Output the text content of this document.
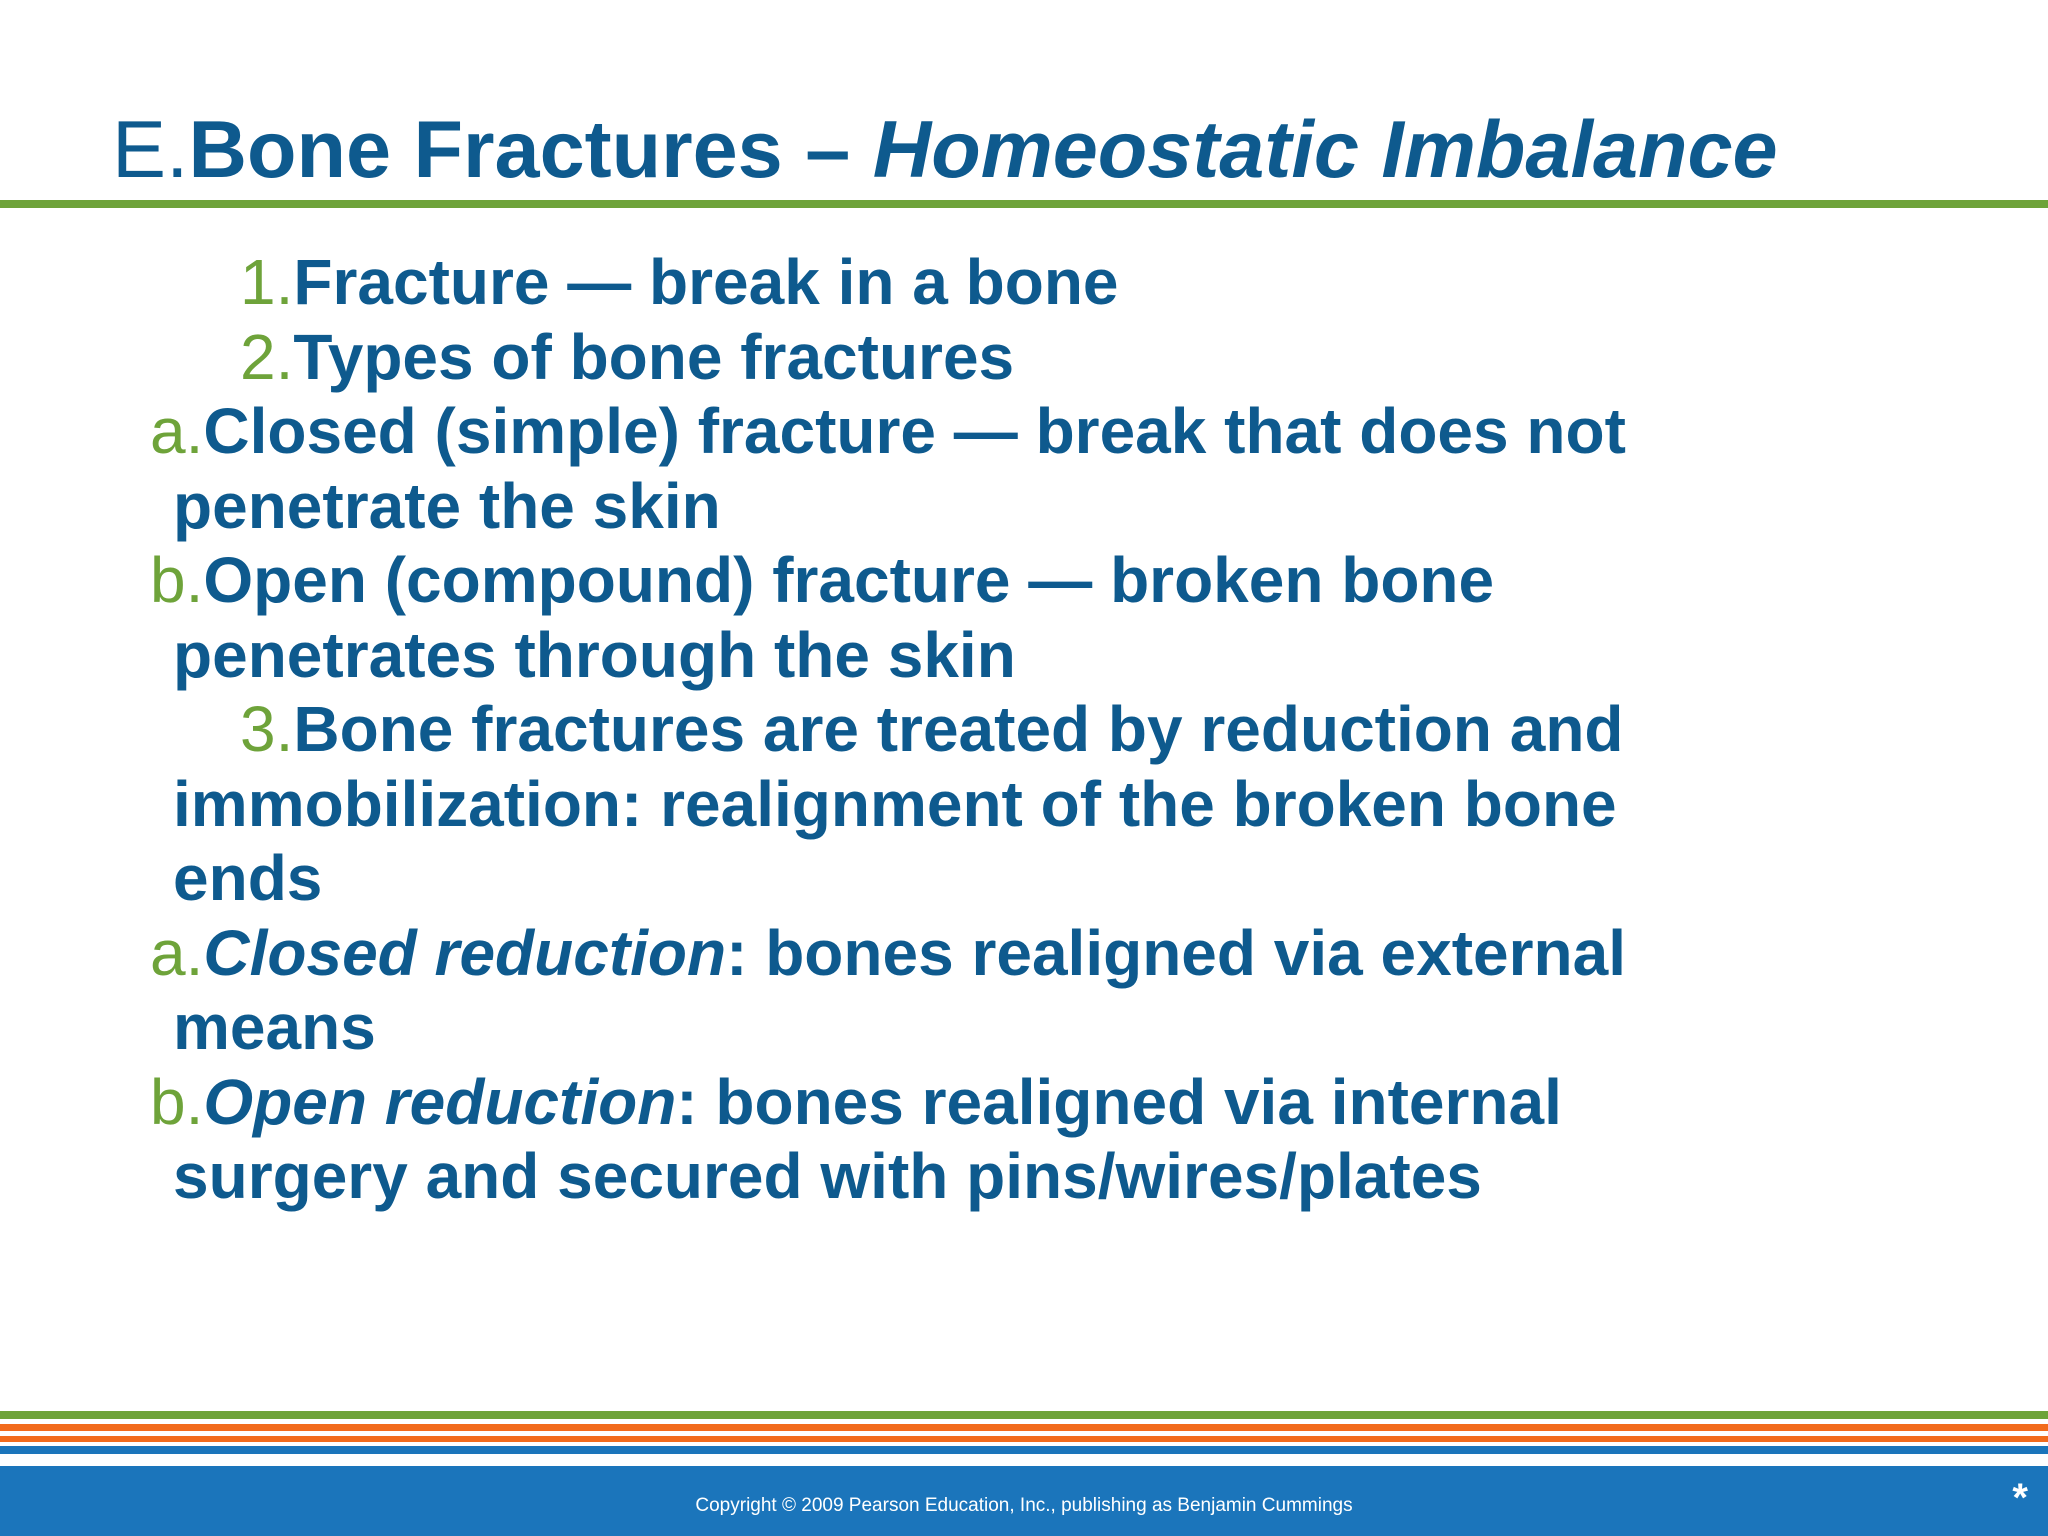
E.Bone Fractures – Homeostatic Imbalance
1.Fracture — break in a bone
2.Types of bone fractures
a.Closed (simple) fracture — break that does not
penetrate the skin
b.Open (compound) fracture — broken bone
penetrates through the skin
3.Bone fractures are treated by reduction and
immobilization: realignment of the broken bone
ends
a.Closed reduction: bones realigned via external
means
b.Open reduction: bones realigned via internal
surgery and secured with pins/wires/plates
Copyright © 2009 Pearson Education, Inc., publishing as Benjamin Cummings	*
